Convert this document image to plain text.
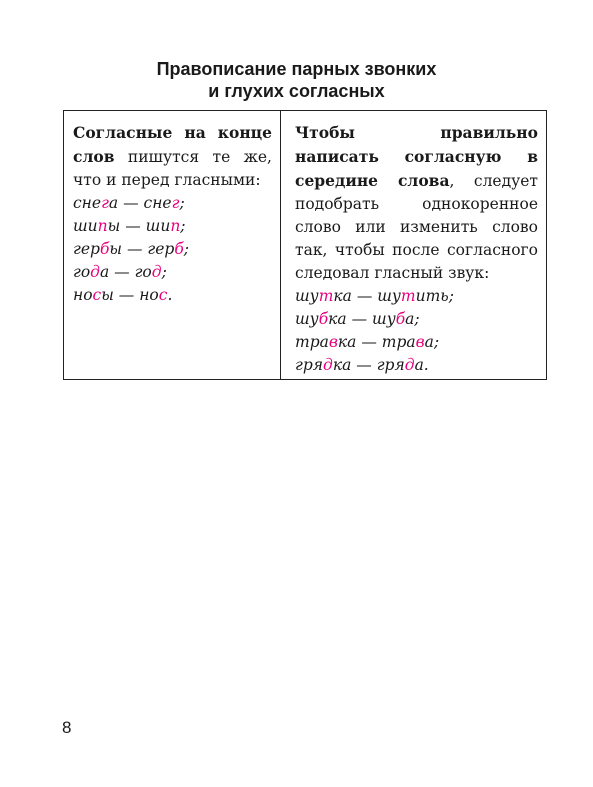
Правописание парных звонких
и глухих согласных

Согласные на конце слов пишутся те же, что и перед гласными:

снега — снег;
шипы — шип;
гербы — герб;
года — год;
носы — нос.

Чтобы правильно написать согласную в середине слова, следует подобрать однокоренное слово или изменить слово так, чтобы после согласного следовал гласный звук:

шутка — шутить;
шубка — шуба;
травка — трава;
грядка — гряда.
8
